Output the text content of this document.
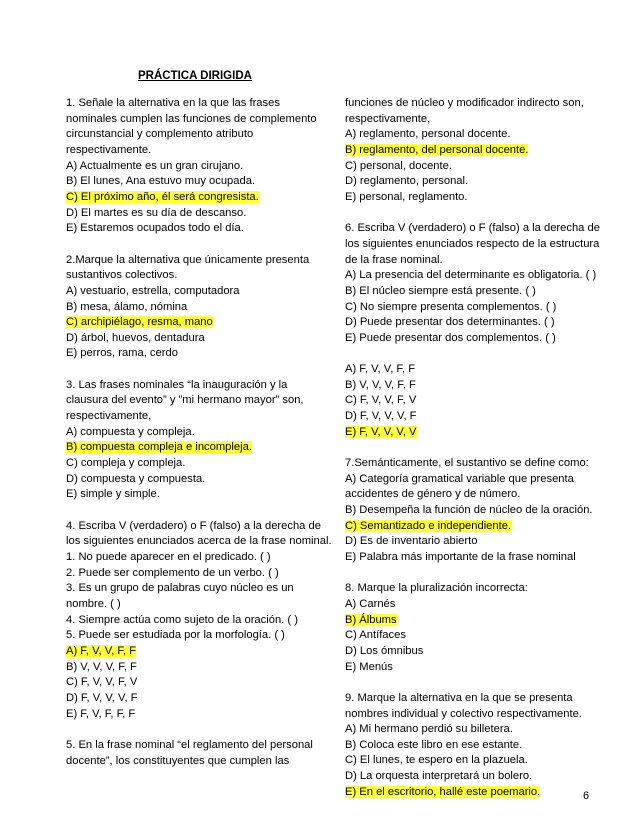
PRÁCTICA DIRIGIDA
1. Señale la alternativa en la que las frases
nominales cumplen las funciones de complemento
circunstancial y complemento atributo
respectivamente.
A) Actualmente es un gran cirujano.
B) El lunes, Ana estuvo muy ocupada.
C) El próximo año, él será congresista.
D) El martes es su día de descanso.
E) Estaremos ocupados todo el día.
2.Marque la alternativa que únicamente presenta
sustantivos colectivos.
A) vestuario, estrella, computadora
B) mesa, álamo, nómina
C) archipiélago, resma, mano
D) árbol, huevos, dentadura
E) perros, rama, cerdo
3. Las frases nominales “la inauguración y la
clausura del evento” y ”mi hermano mayor” son,
respectivamente,
A) compuesta y compleja.
B) compuesta compleja e incompleja.
C) compleja y compleja.
D) compuesta y compuesta.
E) simple y simple.
4. Escriba V (verdadero) o F (falso) a la derecha de
los siguientes enunciados acerca de la frase nominal.
1. No puede aparecer en el predicado. ( )
2. Puede ser complemento de un verbo. ( )
3. Es un grupo de palabras cuyo núcleo es un
nombre. ( )
4. Siempre actúa como sujeto de la oración. ( )
5. Puede ser estudiada por la morfología. ( )
A) F, V, V, F, F
B) V, V, V, F, F
C) F, V, V, F, V
D) F, V, V, V, F
E) F, V, F, F, F
5. En la frase nominal “el reglamento del personal
docente”, los constituyentes que cumplen las
funciones de núcleo y modificador indirecto son,
respectivamente,
A) reglamento, personal docente.
B) reglamento, del personal docente.
C) personal, docente.
D) reglamento, personal.
E) personal, reglamento.
6. Escriba V (verdadero) o F (falso) a la derecha de
los siguientes enunciados respecto de la estructura
de la frase nominal.
A) La presencia del determinante es obligatoria. ( )
B) El núcleo siempre está presente. ( )
C) No siempre presenta complementos. ( )
D) Puede presentar dos determinantes. ( )
E) Puede presentar dos complementos. ( )
A) F, V, V, F, F
B) V, V, V, F, F
C) F, V, V, F, V
D) F, V, V, V, F
E) F, V, V, V, V
7.Semánticamente, el sustantivo se define como:
A) Categoría gramatical variable que presenta
accidentes de género y de número.
B) Desempeña la función de núcleo de la oración.
C) Semantizado e independiente.
D) Es de inventario abierto
E) Palabra más importante de la frase nominal
8. Marque la pluralización incorrecta:
A) Carnés
B) Álbums
C) Antífaces
D) Los ómnibus
E) Menús
9. Marque la alternativa en la que se presenta
nombres individual y colectivo respectivamente.
A) Mi hermano perdió su billetera.
B) Coloca este libro en ese estante.
C) El lunes, te espero en la plazuela.
D) La orquesta interpretará un bolero.
E) En el escritorio, hallé este poemario.	6
